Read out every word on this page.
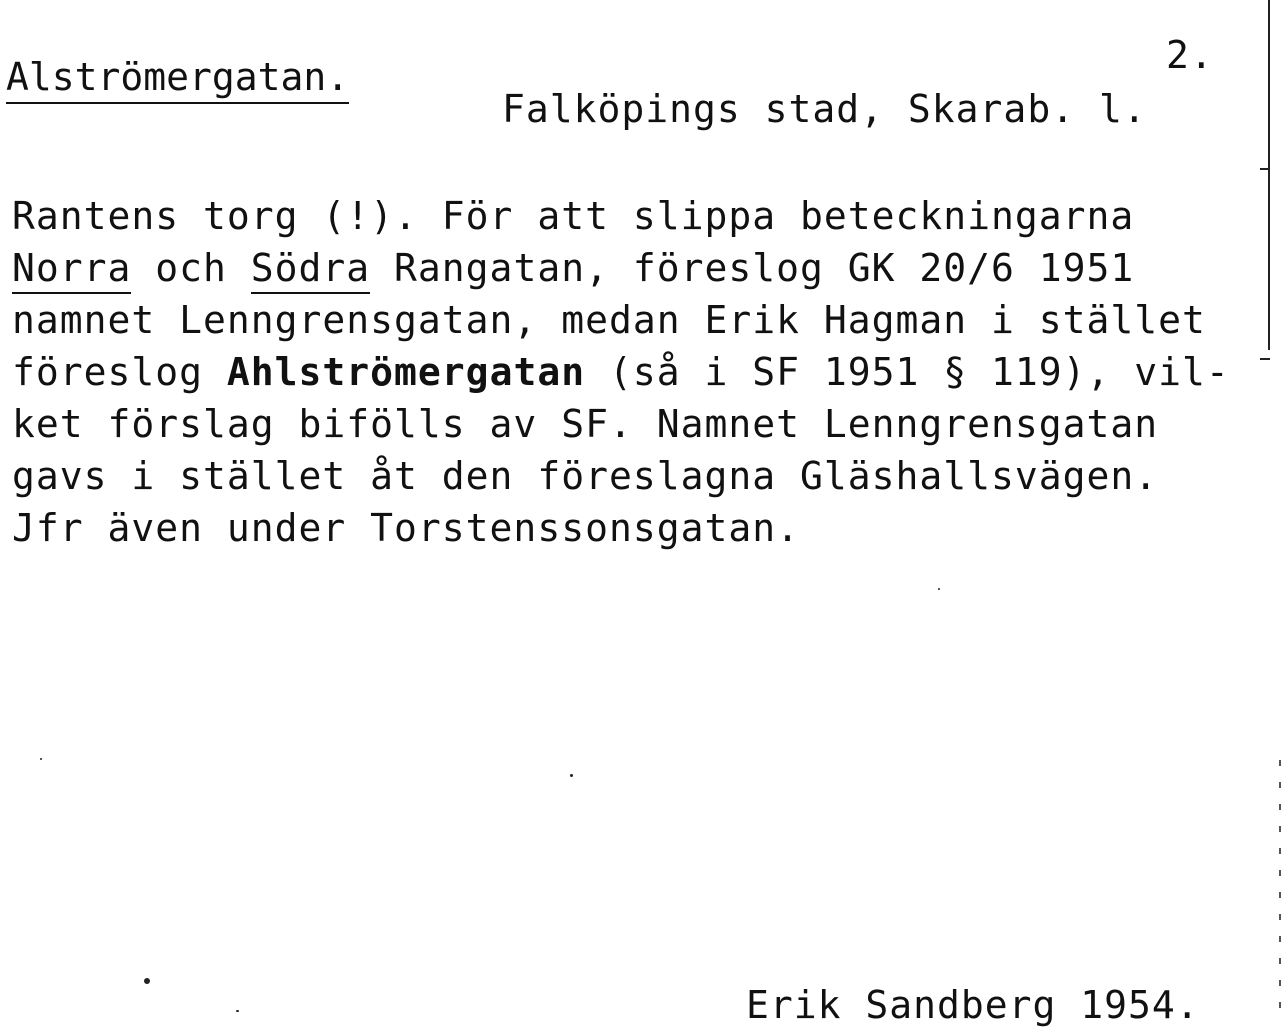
Alströmergatan.	2.
Falköpings stad, Skarab. l.
Rantens torg (!). För att slippa beteckningarna
Norra och Södra Rangatan, föreslog GK 20/6 1951
namnet Lenngrensgatan, medan Erik Hagman i stället
föreslog Ahlströmergatan (så i SF 1951 § 119), vil-
ket förslag bifölls av SF. Namnet Lenngrensgatan
gavs i stället åt den föreslagna Gläshallsvägen.
Jfr även under Torstenssonsgatan.
Erik Sandberg 1954.
